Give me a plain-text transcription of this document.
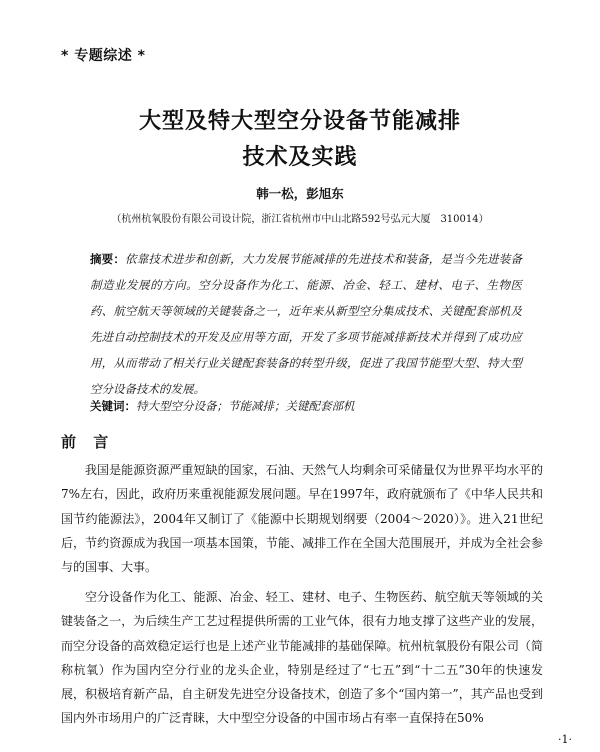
* 专题综述 *
大型及特大型空分设备节能减排
技术及实践
韩一松，彭旭东
（杭州杭氧股份有限公司设计院，浙江省杭州市中山北路592号弘元大厦　310014）
摘要：依靠技术进步和创新，大力发展节能减排的先进技术和装备，是当今先进装备制造业发展的方向。空分设备作为化工、能源、冶金、轻工、建材、电子、生物医药、航空航天等领域的关键装备之一，近年来从新型空分集成技术、关键配套部机及先进自动控制技术的开发及应用等方面，开发了多项节能减排新技术并得到了成功应用，从而带动了相关行业关键配套装备的转型升级，促进了我国节能型大型、特大型空分设备技术的发展。
关键词：特大型空分设备；节能减排；关键配套部机
前 言

我国是能源资源严重短缺的国家，石油、天然气人均剩余可采储量仅为世界平均水平的7%左右，因此，政府历来重视能源发展问题。早在1997年，政府就颁布了《中华人民共和国节约能源法》，2004年又制订了《能源中长期规划纲要（2004～2020）》。进入21世纪后，节约资源成为我国一项基本国策，节能、减排工作在全国大范围展开，并成为全社会参与的国事、大事。

空分设备作为化工、能源、冶金、轻工、建材、电子、生物医药、航空航天等领域的关键装备之一，为后续生产工艺过程提供所需的工业气体，很有力地支撑了这些产业的发展，而空分设备的高效稳定运行也是上述产业节能减排的基础保障。杭州杭氧股份有限公司（简称杭氧）作为国内空分行业的龙头企业，特别是经过了“七五”到“十二五”30年的快速发展，积极培育新产品，自主研发先进空分设备技术，创造了多个“国内第一”，其产品也受到国内外市场用户的广泛青睐，大中型空分设备的中国市场占有率一直保持在50%

·1·
